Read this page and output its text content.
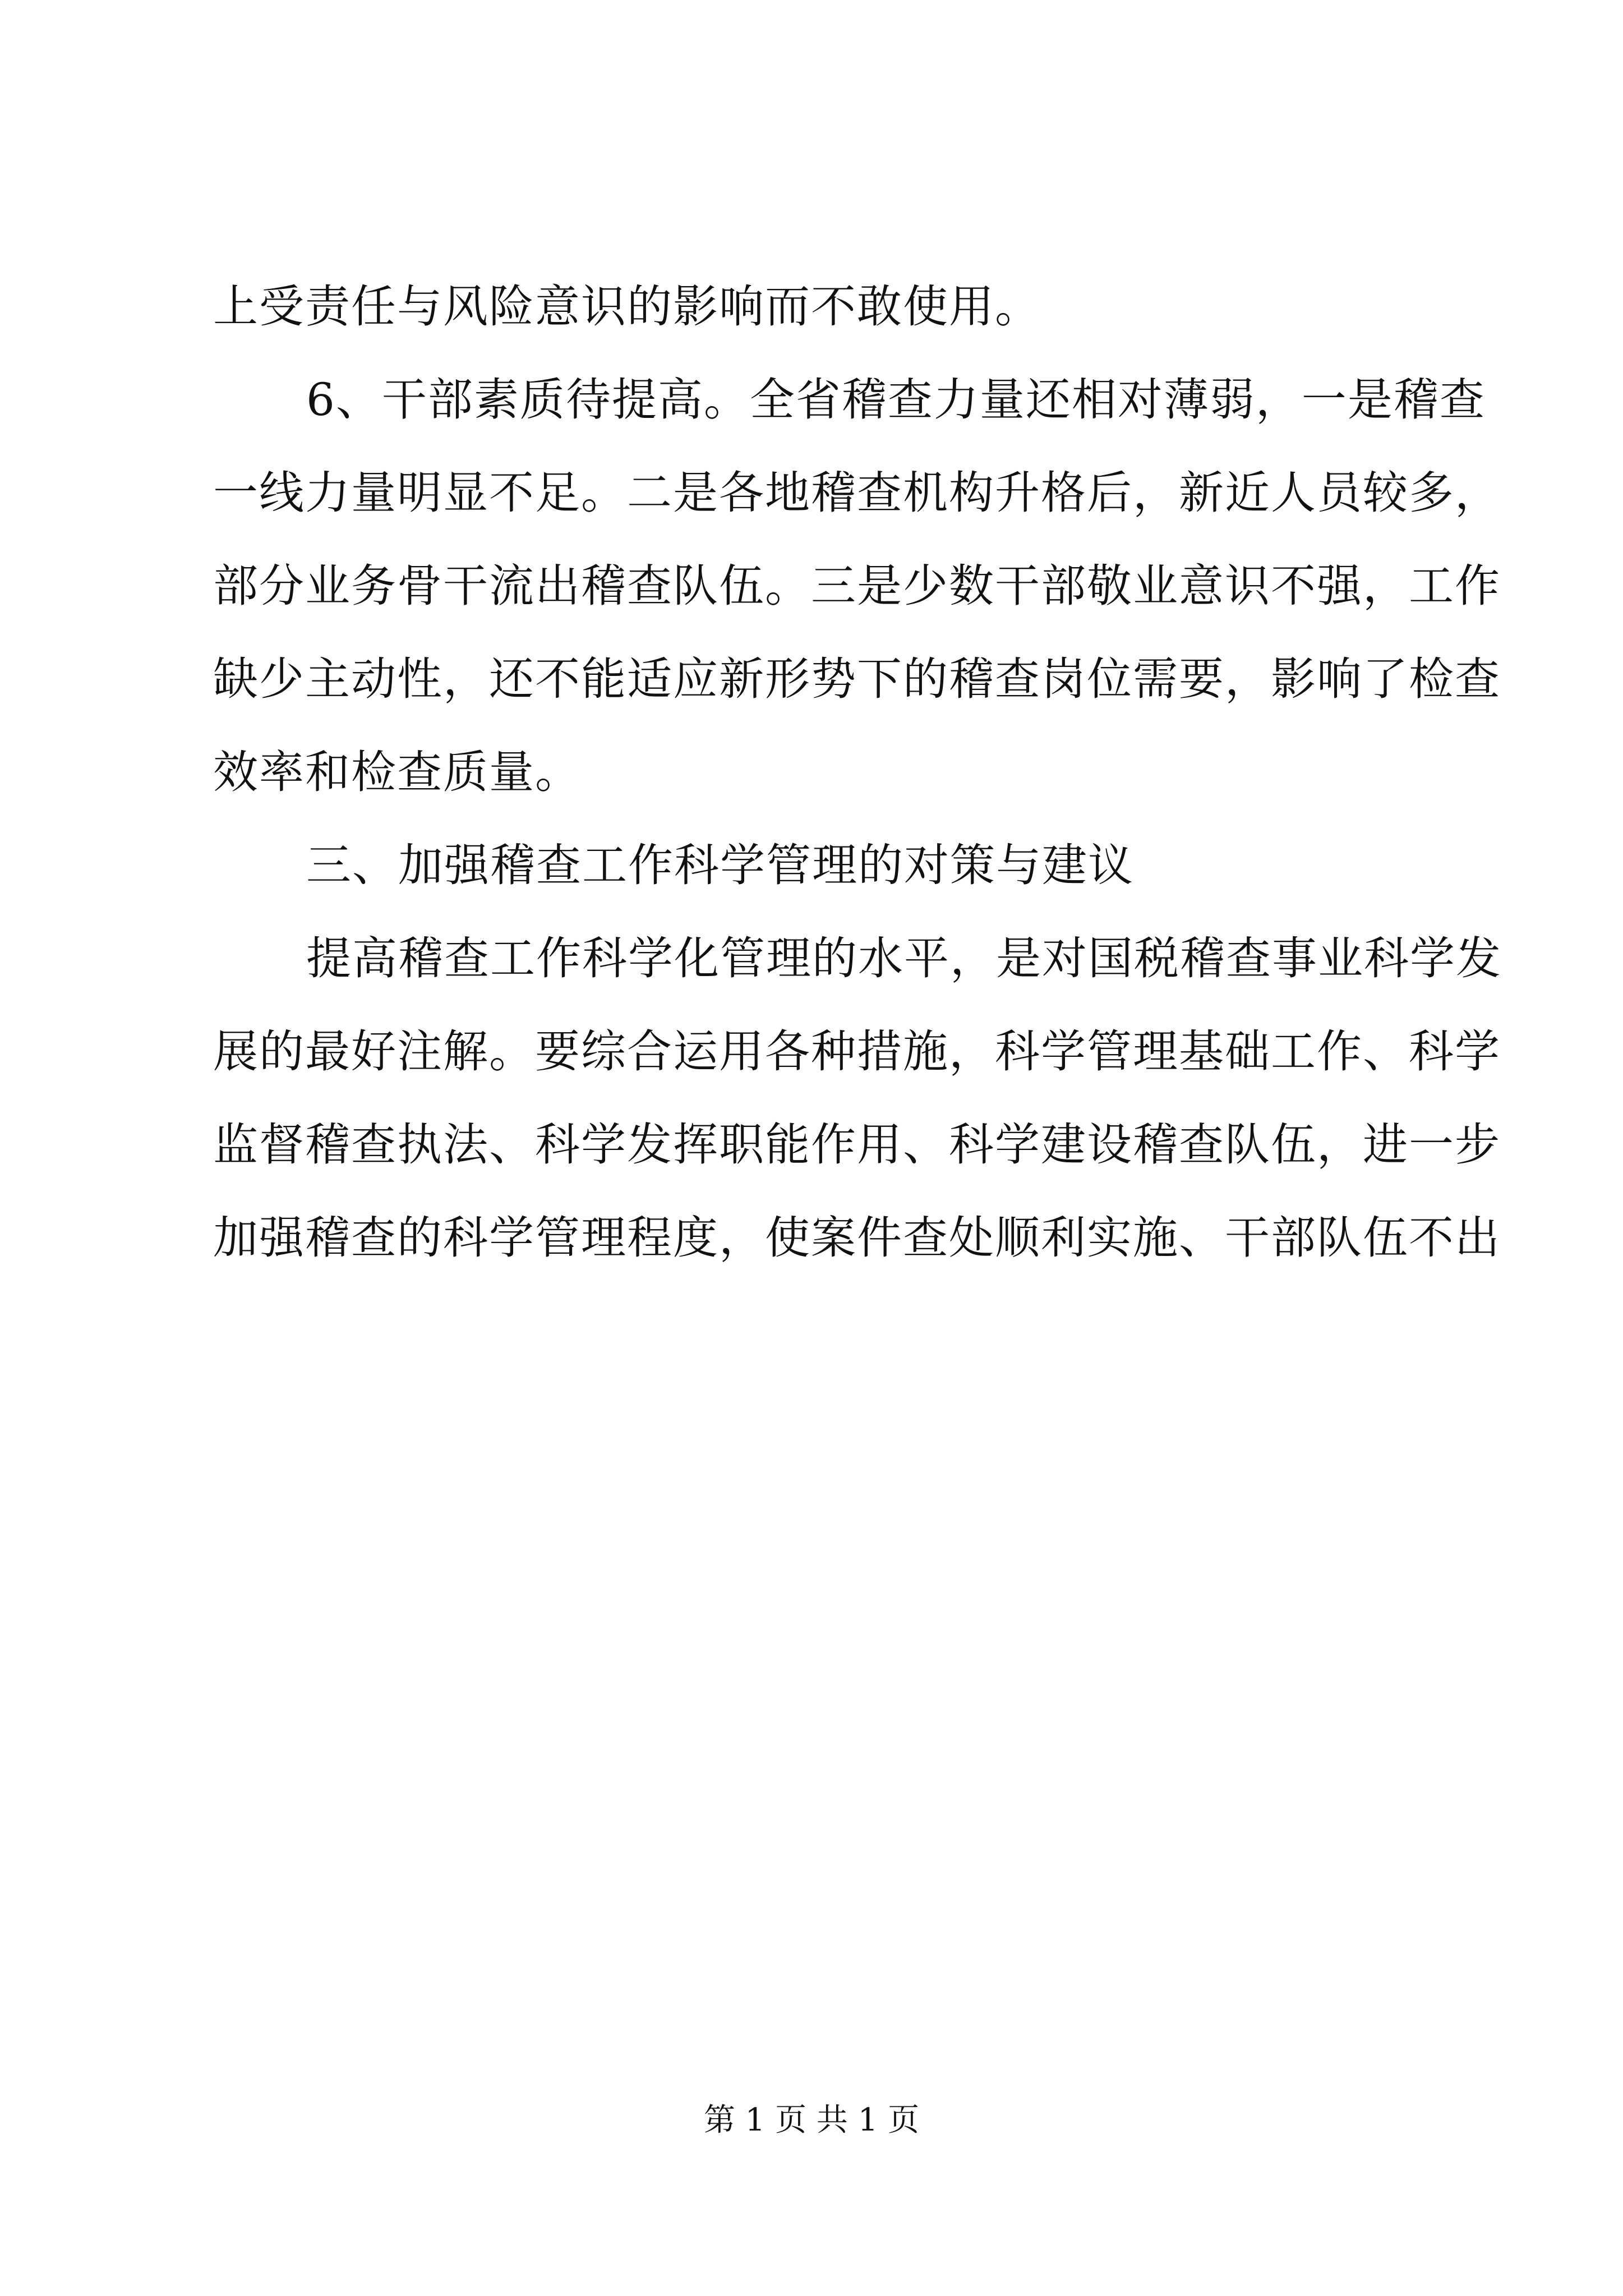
上受责任与风险意识的影响而不敢使用。
6、干部素质待提高。全省稽查力量还相对薄弱，一是稽查
一线力量明显不足。二是各地稽查机构升格后，新近人员较多，
部分业务骨干流出稽查队伍。三是少数干部敬业意识不强，工作
缺少主动性，还不能适应新形势下的稽查岗位需要，影响了检查
效率和检查质量。
三、加强稽查工作科学管理的对策与建议
提高稽查工作科学化管理的水平，是对国税稽查事业科学发
展的最好注解。要综合运用各种措施，科学管理基础工作、科学
监督稽查执法、科学发挥职能作用、科学建设稽查队伍，进一步
加强稽查的科学管理程度，使案件查处顺利实施、干部队伍不出
第 1 页 共 1 页
